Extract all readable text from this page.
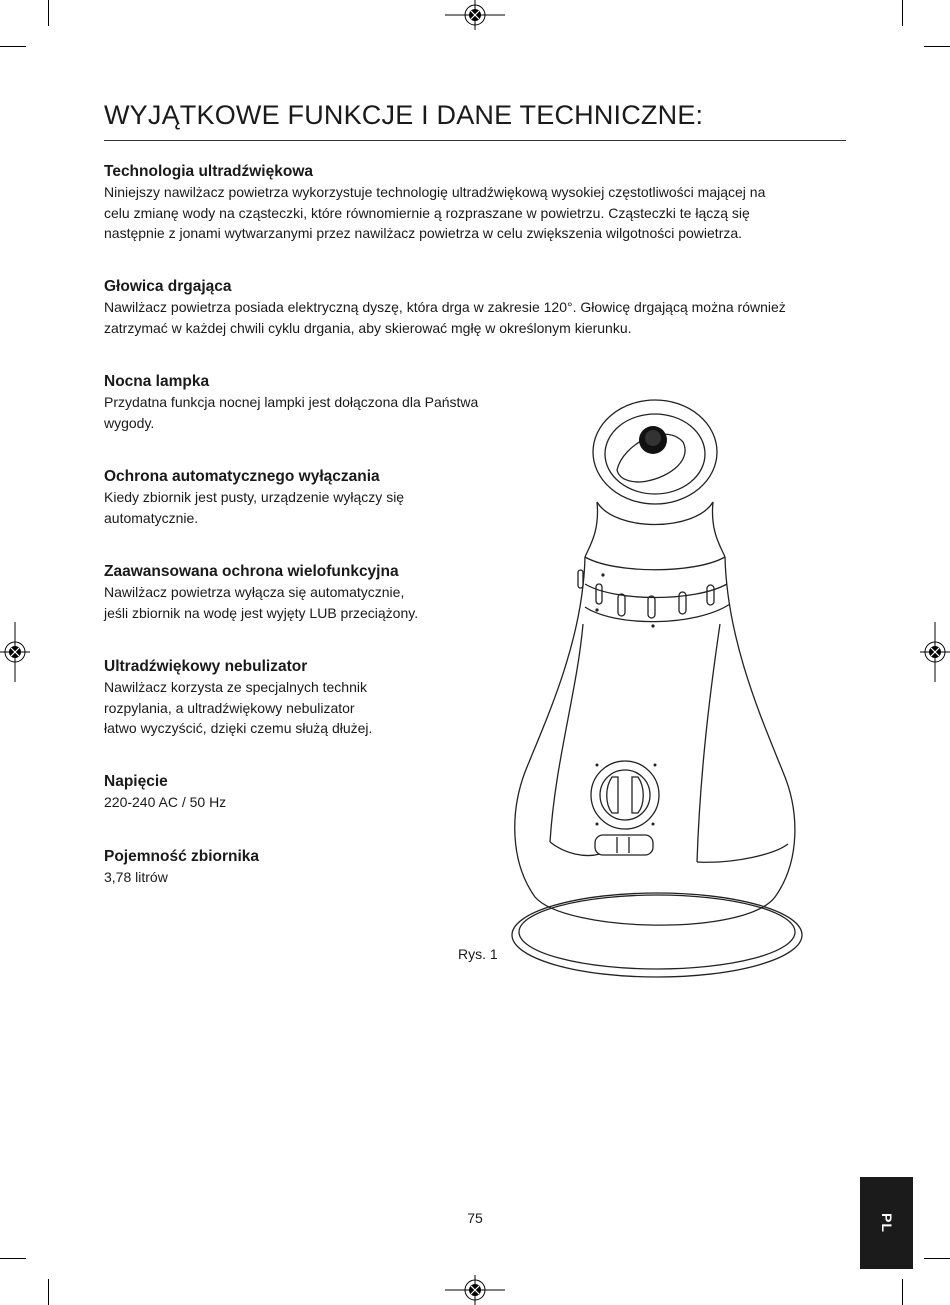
WYJĄTKOWE FUNKCJE I DANE TECHNICZNE:
Technologia ultradźwiękowa

Niniejszy nawilżacz powietrza wykorzystuje technologię ultradźwiękową wysokiej częstotliwości mającej na
celu zmianę wody na cząsteczki, które równomiernie ą rozpraszane w powietrzu. Cząsteczki te łączą się
następnie z jonami wytwarzanymi przez nawilżacz powietrza w celu zwiększenia wilgotności powietrza.

Głowica drgająca

Nawilżacz powietrza posiada elektryczną dyszę, która drga w zakresie 120°. Głowicę drgającą można również
zatrzymać w każdej chwili cyklu drgania, aby skierować mgłę w określonym kierunku.

Nocna lampka

Przydatna funkcja nocnej lampki jest dołączona dla Państwa
wygody.

Ochrona automatycznego wyłączania

Kiedy zbiornik jest pusty, urządzenie wyłączy się
automatycznie.

Zaawansowana ochrona wielofunkcyjna

Nawilżacz powietrza wyłącza się automatycznie,
jeśli zbiornik na wodę jest wyjęty LUB przeciążony.

Ultradźwiękowy nebulizator

Nawilżacz korzysta ze specjalnych technik
rozpylania, a ultradźwiękowy nebulizator
łatwo wyczyścić, dzięki czemu służą dłużej.

Napięcie

220-240 AC / 50 Hz

Pojemność zbiornika

3,78 litrów

Rys. 1
75	PL
